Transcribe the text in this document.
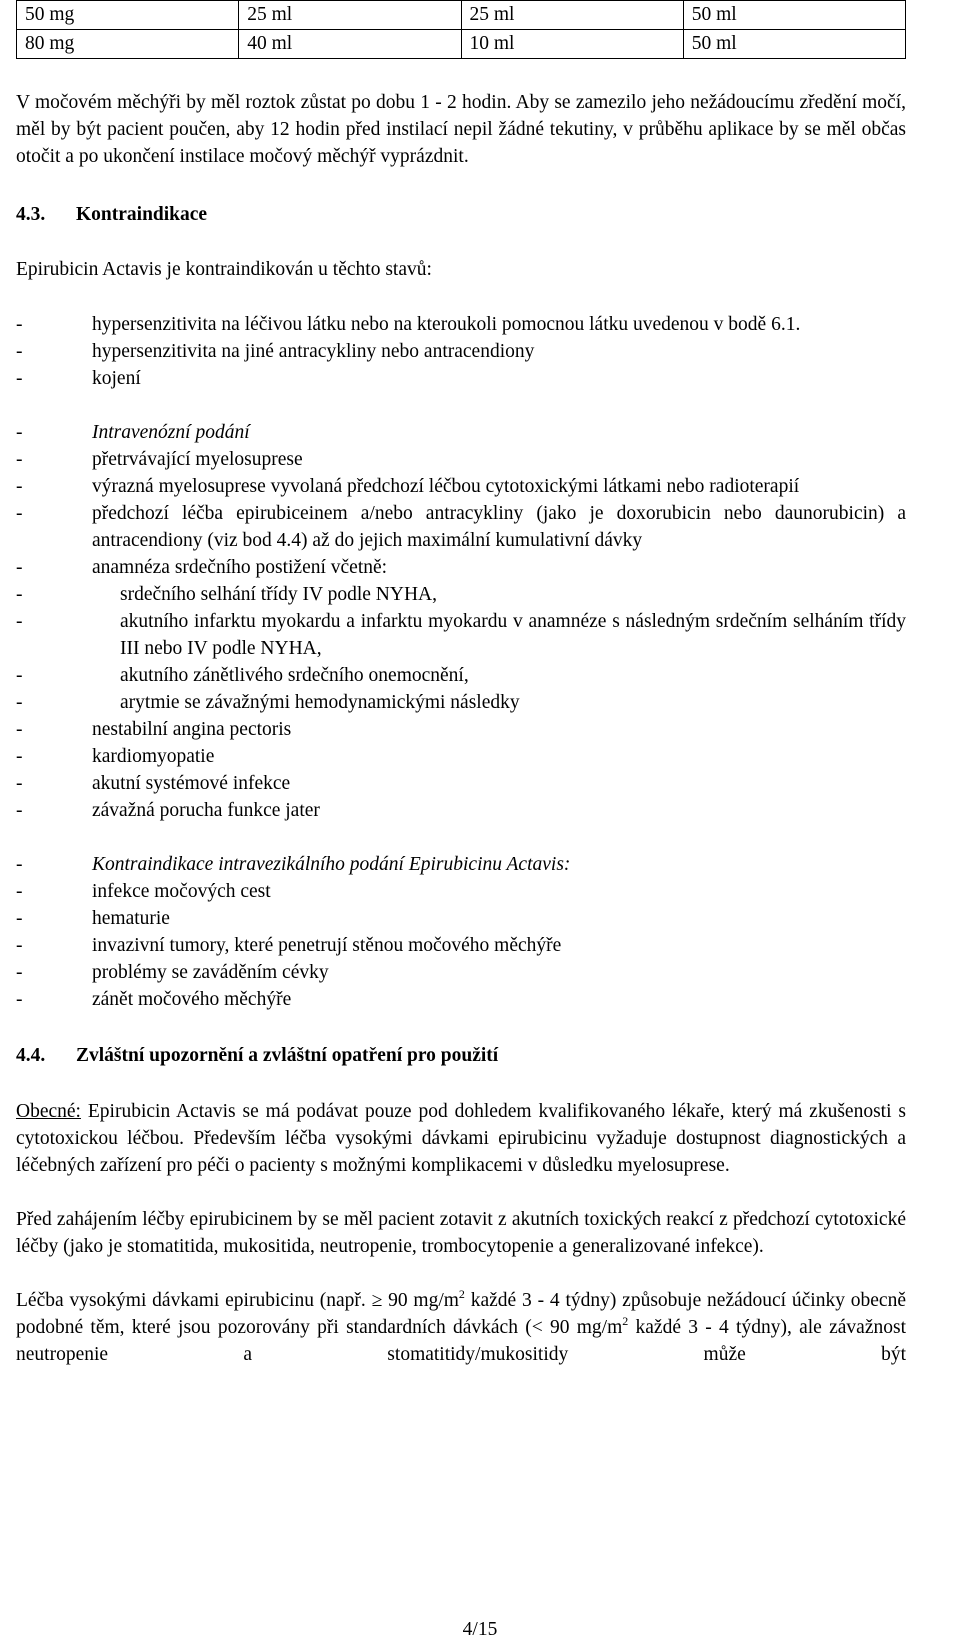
50 mg	25 ml	25 ml	50 ml
80 mg	40 ml	10 ml	50 ml

V močovém měchýři by měl roztok zůstat po dobu 1 - 2 hodin. Aby se zamezilo jeho nežádoucímu zředění močí, měl by být pacient poučen, aby 12 hodin před instilací nepil žádné tekutiny, v průběhu aplikace by se měl občas otočit a po ukončení instilace močový měchýř vyprázdnit.

4.3. Kontraindikace

Epirubicin Actavis je kontraindikován u těchto stavů:

-	hypersenzitivita na léčivou látku nebo na kteroukoli pomocnou látku uvedenou v bodě 6.1.
-	hypersenzitivita na jiné antracykliny nebo antracendiony
-	kojení
-	Intravenózní podání
-	přetrvávající myelosuprese
-	výrazná myelosuprese vyvolaná předchozí léčbou cytotoxickými látkami nebo radioterapií
-	předchozí léčba epirubiceinem a/nebo antracykliny (jako je doxorubicin nebo daunorubicin) a antracendiony (viz bod 4.4) až do jejich maximální kumulativní dávky
-	anamnéza srdečního postižení včetně:
-	srdečního selhání třídy IV podle NYHA,
-	akutního infarktu myokardu a infarktu myokardu v anamnéze s následným srdečním selháním třídy III nebo IV podle NYHA,
-	akutního zánětlivého srdečního onemocnění,
-	arytmie se závažnými hemodynamickými následky
-	nestabilní angina pectoris
-	kardiomyopatie
-	akutní systémové infekce
-	závažná porucha funkce jater
-	Kontraindikace intravezikálního podání Epirubicinu Actavis:
-	infekce močových cest
-	hematurie
-	invazivní tumory, které penetrují stěnou močového měchýře
-	problémy se zaváděním cévky
-	zánět močového měchýře

4.4. Zvláštní upozornění a zvláštní opatření pro použití

Obecné: Epirubicin Actavis se má podávat pouze pod dohledem kvalifikovaného lékaře, který má zkušenosti s cytotoxickou léčbou. Především léčba vysokými dávkami epirubicinu vyžaduje dostupnost diagnostických a léčebných zařízení pro péči o pacienty s možnými komplikacemi v důsledku myelosuprese.

Před zahájením léčby epirubicinem by se měl pacient zotavit z akutních toxických reakcí z předchozí cytotoxické léčby (jako je stomatitida, mukositida, neutropenie, trombocytopenie a generalizované infekce).

Léčba vysokými dávkami epirubicinu (např. ≥ 90 $mg/m^2$ každé 3 - 4 týdny) způsobuje nežádoucí účinky obecně podobné těm, které jsou pozorovány při standardních dávkách (< 90 $mg/m^2$ každé 3 - 4 týdny), ale závažnost neutropenie a stomatitidy/mukositidy může být

4/15
